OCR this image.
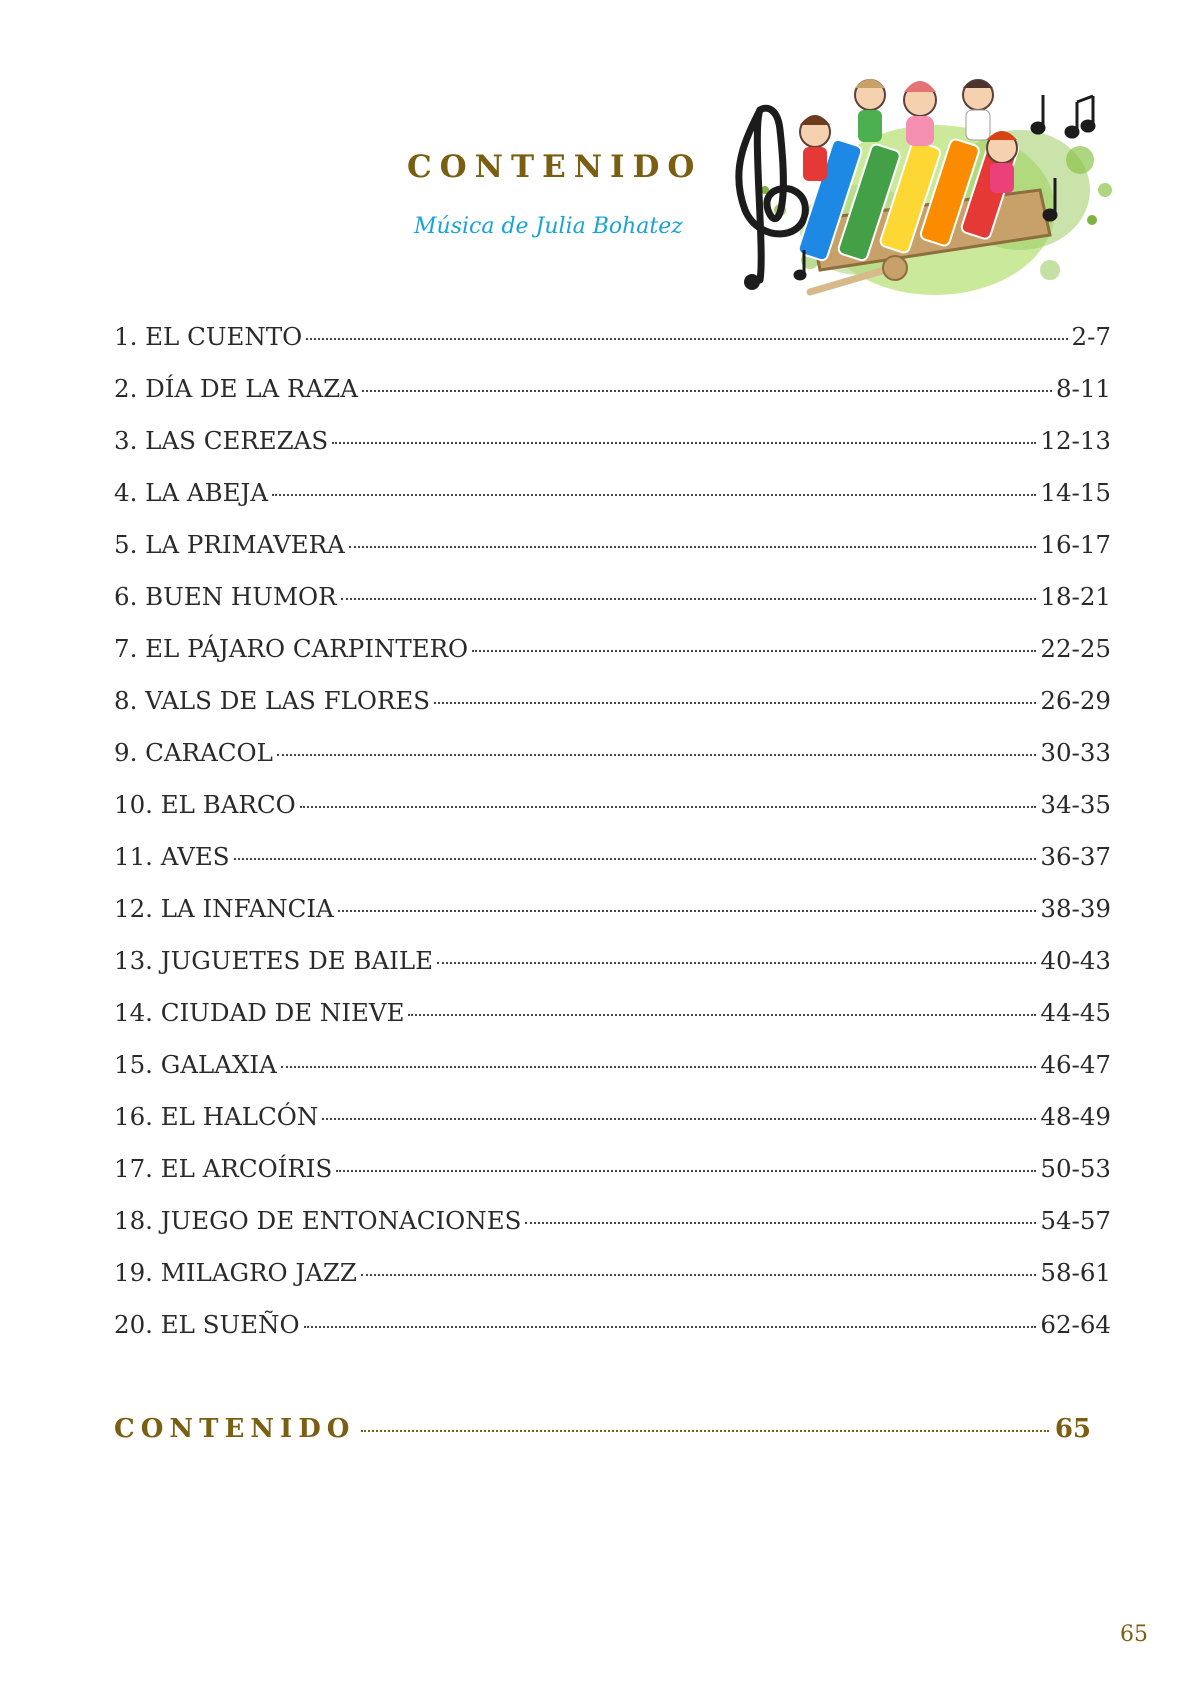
CONTENIDO
Música de Julia Bohatez
1. EL CUENTO	2-7
2. DÍA DE LA RAZA	8-11
3. LAS CEREZAS	12-13
4. LA ABEJA	14-15
5. LA PRIMAVERA	16-17
6. BUEN HUMOR	18-21
7. EL PÁJARO CARPINTERO	22-25
8. VALS DE LAS FLORES	26-29
9. CARACOL	30-33
10. EL BARCO	34-35
11. AVES	36-37
12. LA INFANCIA	38-39
13. JUGUETES DE BAILE	40-43
14. CIUDAD DE NIEVE	44-45
15. GALAXIA	46-47
16. EL HALCÓN	48-49
17. EL ARCOÍRIS	50-53
18. JUEGO DE ENTONACIONES	54-57
19. MILAGRO JAZZ	58-61
20. EL SUEÑO	62-64
CONTENIDO	65
65
